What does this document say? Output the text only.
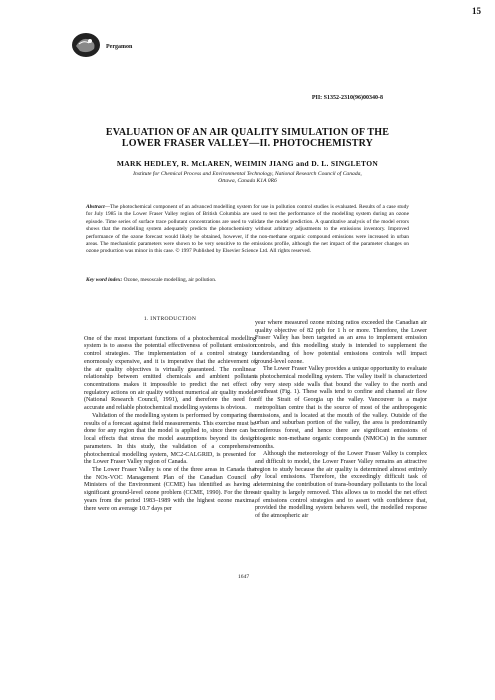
15
Pergamon
PII: S1352-2310(96)00340-8
EVALUATION OF AN AIR QUALITY SIMULATION OF THE
LOWER FRASER VALLEY—II. PHOTOCHEMISTRY
MARK HEDLEY, R. McLAREN, WEIMIN JIANG and D. L. SINGLETON
Institute for Chemical Process and Environmental Technology, National Research Council of Canada,
Ottawa, Canada K1A 0R6
Abstract—The photochemical component of an advanced modelling system for use in pollution control studies is evaluated. Results of a case study for July 1985 in the Lower Fraser Valley region of British Columbia are used to test the performance of the modelling system during an ozone episode. Time series of surface trace pollutant concentrations are used to validate the model prediction. A quantitative analysis of the model errors shows that the modelling system adequately predicts the photochemistry without arbitrary adjustments to the emissions inventory. Improved performance of the ozone forecast would likely be obtained, however, if the non-methane organic compound emissions were increased in urban areas. The mechanistic parameters were shown to be very sensitive to the emissions profile, although the net impact of the parameter changes on ozone production was minor in this case. © 1997 Published by Elsevier Science Ltd. All rights reserved.
Key word index: Ozone, mesoscale modelling, air pollution.
1. INTRODUCTION

One of the most important functions of a photochemical modelling system is to assess the potential effectiveness of pollutant emission control strategies. The implementation of a control strategy is enormously expensive, and it is imperative that the achievement of the air quality objectives is virtually guaranteed. The nonlinear relationship between emitted chemicals and ambient pollutant concentrations makes it impossible to predict the net effect of regulatory actions on air quality without numerical air quality models (National Research Council, 1991), and therefore the need for accurate and reliable photochemical modelling systems is obvious.

Validation of the modelling system is performed by comparing the results of a forecast against field measurements. This exercise must be done for any region that the model is applied to, since there can be local effects that stress the model assumptions beyond its design parameters. In this study, the validation of a comprehensive photochemical modelling system, MC2-CALGRID, is presented for the Lower Fraser Valley region of Canada.

The Lower Fraser Valley is one of the three areas in Canada that the NOx-VOC Management Plan of the Canadian Council of Ministers of the Environment (CCME) has identified as having a significant ground-level ozone problem (CCME, 1990). For the three years from the period 1983–1989 with the highest ozone maxima, there were on average 10.7 days per

year where measured ozone mixing ratios exceeded the Canadian air quality objective of 82 ppb for 1 h or more. Therefore, the Lower Fraser Valley has been targeted as an area to implement emission controls, and this modelling study is intended to supplement the understanding of how potential emissions controls will impact ground-level ozone.

The Lower Fraser Valley provides a unique opportunity to evaluate a photochemical modelling system. The valley itself is characterized by very steep side walls that bound the valley to the north and southeast (Fig. 1). These walls tend to confine and channel air flow off the Strait of Georgia up the valley. Vancouver is a major metropolitan centre that is the source of most of the anthropogenic emissions, and is located at the mouth of the valley. Outside of the urban and suburban portion of the valley, the area is predominantly coniferous forest, and hence there are significant emissions of biogenic non-methane organic compounds (NMOCs) in the summer months.

Although the meteorology of the Lower Fraser Valley is complex and difficult to model, the Lower Fraser Valley remains an attractive region to study because the air quality is determined almost entirely by local emissions. Therefore, the exceedingly difficult task of determining the contribution of trans-boundary pollutants to the local air quality is largely removed. This allows us to model the net effect of emissions control strategies and to assert with confidence that, provided the modelling system behaves well, the modelled response of the atmospheric air

1647
